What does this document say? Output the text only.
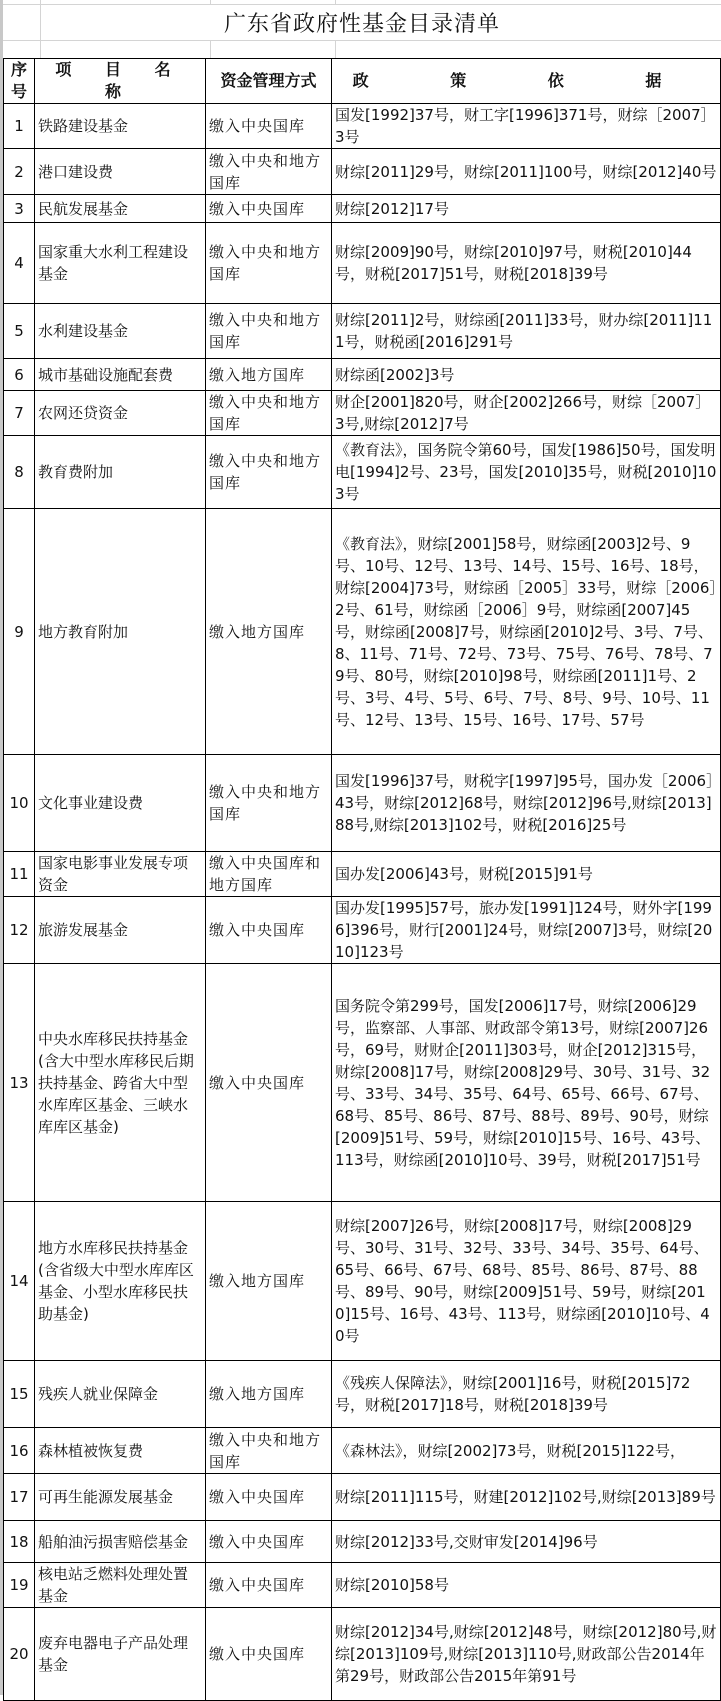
广东省政府性基金目录清单
序号	项 目 名 称	资金管理方式	政 策 依 据
1	铁路建设基金	缴入中央国库	国发[1992]37号，财工字[1996]371号，财综［2007］3号
2	港口建设费	缴入中央和地方国库	财综[2011]29号，财综[2011]100号，财综[2012]40号
3	民航发展基金	缴入中央国库	财综[2012]17号
4	国家重大水利工程建设基金	缴入中央和地方国库	财综[2009]90号，财综[2010]97号，财税[2010]44号，财税[2017]51号，财税[2018]39号
5	水利建设基金	缴入中央和地方国库	财综[2011]2号，财综函[2011]33号，财办综[2011]111号，财税函[2016]291号
6	城市基础设施配套费	缴入地方国库	财综函[2002]3号
7	农网还贷资金	缴入中央和地方国库	财企[2001]820号，财企[2002]266号，财综［2007］3号,财综[2012]7号
8	教育费附加	缴入中央和地方国库	《教育法》，国务院令第60号，国发[1986]50号，国发明电[1994]2号、23号，国发[2010]35号，财税[2010]103号
9	地方教育附加	缴入地方国库	《教育法》，财综[2001]58号，财综函[2003]2号、9号、10号、12号、13号、14号、15号、16号、18号，财综[2004]73号，财综函［2005］33号，财综［2006］2号、61号，财综函［2006］9号，财综函[2007]45号，财综函[2008]7号，财综函[2010]2号、3号、7号、8、11号、71号、72号、73号、75号、76号、78号、79号、80号，财综[2010]98号，财综函[2011]1号、2号、3号、4号、5号、6号、7号、8号、9号、10号、11号、12号、13号、15号、16号、17号、57号
10	文化事业建设费	缴入中央和地方国库	国发[1996]37号，财税字[1997]95号，国办发［2006］43号，财综[2012]68号，财综[2012]96号,财综[2013]88号,财综[2013]102号，财税[2016]25号
11	国家电影事业发展专项资金	缴入中央国库和地方国库	国办发[2006]43号，财税[2015]91号
12	旅游发展基金	缴入中央国库	国办发[1995]57号，旅办发[1991]124号，财外字[1996]396号，财行[2001]24号，财综[2007]3号，财综[2010]123号
13	中央水库移民扶持基金(含大中型水库移民后期扶持基金、跨省大中型水库库区基金、三峡水库库区基金)	缴入中央国库	国务院令第299号，国发[2006]17号，财综[2006]29号，监察部、人事部、财政部令第13号，财综[2007]26号，69号，财财企[2011]303号，财企[2012]315号，财综[2008]17号，财综[2008]29号、30号、31号、32号、33号、34号、35号、64号、65号、66号、67号、68号、85号、86号、87号、88号、89号、90号，财综[2009]51号、59号，财综[2010]15号、16号、43号、113号，财综函[2010]10号、39号，财税[2017]51号
14	地方水库移民扶持基金(含省级大中型水库库区基金、小型水库移民扶助基金)	缴入地方国库	财综[2007]26号，财综[2008]17号，财综[2008]29号、30号、31号、32号、33号、34号、35号、64号、65号、66号、67号、68号、85号、86号、87号、88号、89号、90号，财综[2009]51号、59号，财综[2010]15号、16号、43号、113号，财综函[2010]10号、40号
15	残疾人就业保障金	缴入地方国库	《残疾人保障法》，财综[2001]16号，财税[2015]72号，财税[2017]18号，财税[2018]39号
16	森林植被恢复费	缴入中央和地方国库	《森林法》，财综[2002]73号，财税[2015]122号，
17	可再生能源发展基金	缴入中央国库	财综[2011]115号，财建[2012]102号,财综[2013]89号
18	船舶油污损害赔偿基金	缴入中央国库	财综[2012]33号,交财审发[2014]96号
19	核电站乏燃料处理处置基金	缴入中央国库	财综[2010]58号
20	废弃电器电子产品处理基金	缴入中央国库	财综[2012]34号,财综[2012]48号，财综[2012]80号,财综[2013]109号,财综[2013]110号,财政部公告2014年第29号，财政部公告2015年第91号
